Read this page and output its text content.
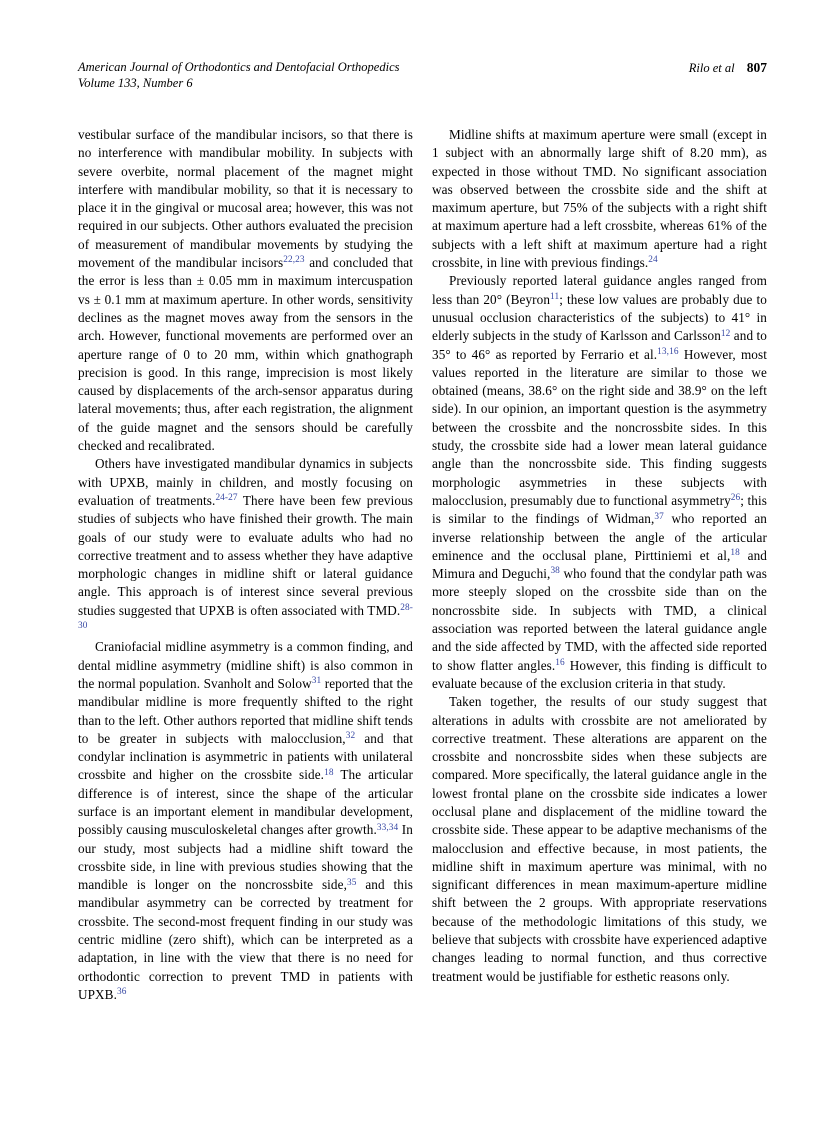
American Journal of Orthodontics and Dentofacial Orthopedics
Volume 133, Number 6
Rilo et al 807

vestibular surface of the mandibular incisors, so that there is no interference with mandibular mobility. In subjects with severe overbite, normal placement of the magnet might interfere with mandibular mobility, so that it is necessary to place it in the gingival or mucosal area; however, this was not required in our subjects. Other authors evaluated the precision of measurement of mandibular movements by studying the movement of the mandibular incisors$^{22,23}$ and concluded that the error is less than ± 0.05 mm in maximum intercuspation vs ± 0.1 mm at maximum aperture. In other words, sensitivity declines as the magnet moves away from the sensors in the arch. However, functional movements are performed over an aperture range of 0 to 20 mm, within which gnathograph precision is good. In this range, imprecision is most likely caused by displacements of the arch-sensor apparatus during lateral movements; thus, after each registration, the alignment of the guide magnet and the sensors should be carefully checked and recalibrated.

Others have investigated mandibular dynamics in subjects with UPXB, mainly in children, and mostly focusing on evaluation of treatments.$^{24-27}$ There have been few previous studies of subjects who have finished their growth. The main goals of our study were to evaluate adults who had no corrective treatment and to assess whether they have adaptive morphologic changes in midline shift or lateral guidance angle. This approach is of interest since several previous studies suggested that UPXB is often associated with TMD.$^{28-30}$

Craniofacial midline asymmetry is a common finding, and dental midline asymmetry (midline shift) is also common in the normal population. Svanholt and Solow$^{31}$ reported that the mandibular midline is more frequently shifted to the right than to the left. Other authors reported that midline shift tends to be greater in subjects with malocclusion,$^{32}$ and that condylar inclination is asymmetric in patients with unilateral crossbite and higher on the crossbite side.$^{18}$ The articular difference is of interest, since the shape of the articular surface is an important element in mandibular development, possibly causing musculoskeletal changes after growth.$^{33,34}$ In our study, most subjects had a midline shift toward the crossbite side, in line with previous studies showing that the mandible is longer on the noncrossbite side,$^{35}$ and this mandibular asymmetry can be corrected by treatment for crossbite. The second-most frequent finding in our study was centric midline (zero shift), which can be interpreted as a adaptation, in line with the view that there is no need for orthodontic correction to prevent TMD in patients with UPXB.$^{36}$

Midline shifts at maximum aperture were small (except in 1 subject with an abnormally large shift of 8.20 mm), as expected in those without TMD. No significant association was observed between the crossbite side and the shift at maximum aperture, but 75% of the subjects with a right shift at maximum aperture had a left crossbite, whereas 61% of the subjects with a left shift at maximum aperture had a right crossbite, in line with previous findings.$^{24}$

Previously reported lateral guidance angles ranged from less than 20° (Beyron$^{11}$; these low values are probably due to unusual occlusion characteristics of the subjects) to 41° in elderly subjects in the study of Karlsson and Carlsson$^{12}$ and to 35° to 46° as reported by Ferrario et al.$^{13,16}$ However, most values reported in the literature are similar to those we obtained (means, 38.6° on the right side and 38.9° on the left side). In our opinion, an important question is the asymmetry between the crossbite and the noncrossbite sides. In this study, the crossbite side had a lower mean lateral guidance angle than the noncrossbite side. This finding suggests morphologic asymmetries in these subjects with malocclusion, presumably due to functional asymmetry$^{26}$; this is similar to the findings of Widman,$^{37}$ who reported an inverse relationship between the angle of the articular eminence and the occlusal plane, Pirttiniemi et al,$^{18}$ and Mimura and Deguchi,$^{38}$ who found that the condylar path was more steeply sloped on the crossbite side than on the noncrossbite side. In subjects with TMD, a clinical association was reported between the lateral guidance angle and the side affected by TMD, with the affected side reported to show flatter angles.$^{16}$ However, this finding is difficult to evaluate because of the exclusion criteria in that study.

Taken together, the results of our study suggest that alterations in adults with crossbite are not ameliorated by corrective treatment. These alterations are apparent on the crossbite and noncrossbite sides when these subjects are compared. More specifically, the lateral guidance angle in the lowest frontal plane on the crossbite side indicates a lower occlusal plane and displacement of the midline toward the crossbite side. These appear to be adaptive mechanisms of the malocclusion and effective because, in most patients, the midline shift in maximum aperture was minimal, with no significant differences in mean maximum-aperture midline shift between the 2 groups. With appropriate reservations because of the methodologic limitations of this study, we believe that subjects with crossbite have experienced adaptive changes leading to normal function, and thus corrective treatment would be justifiable for esthetic reasons only.
